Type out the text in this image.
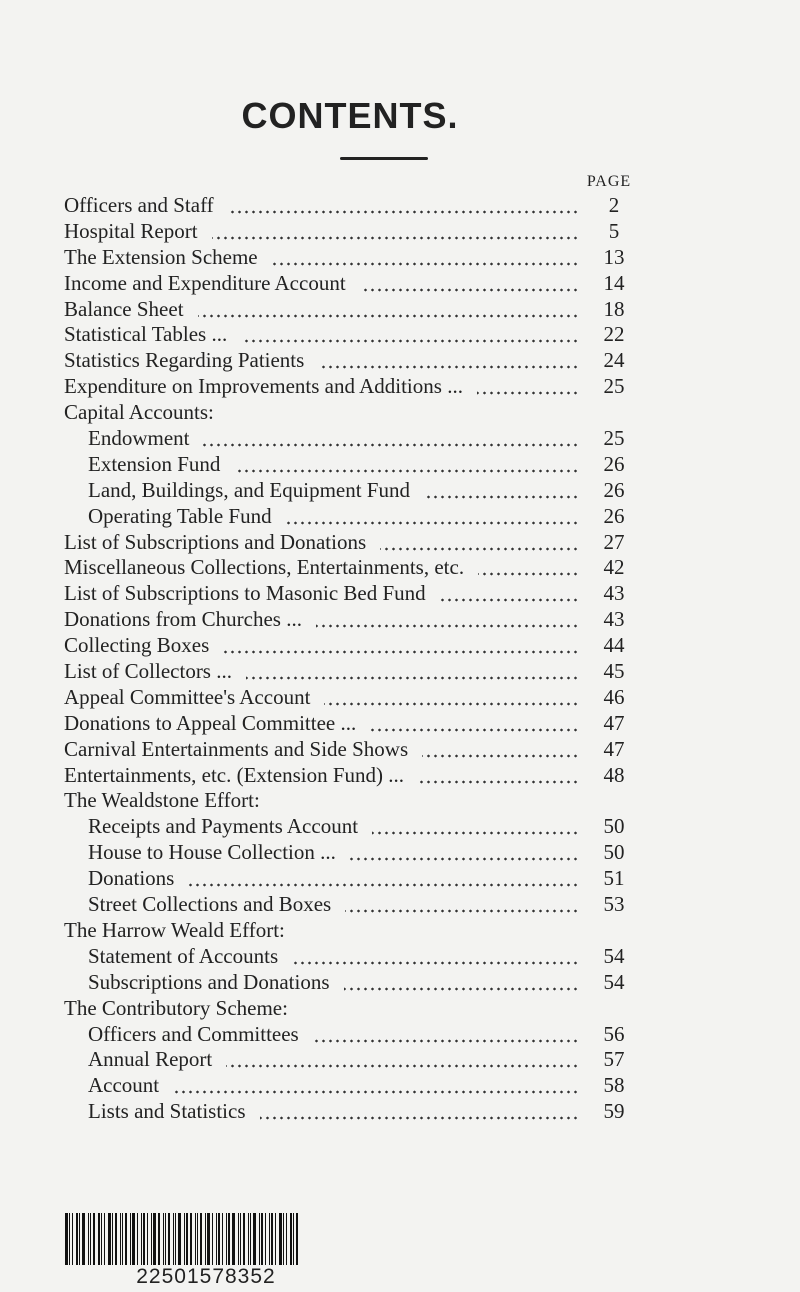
CONTENTS.
PAGE
Officers and Staff	2
Hospital Report	5
The Extension Scheme	13
Income and Expenditure Account	14
Balance Sheet	18
Statistical Tables ...	22
Statistics Regarding Patients	24
Expenditure on Improvements and Additions ...	25
Capital Accounts:
Endowment	25
Extension Fund	26
Land, Buildings, and Equipment Fund	26
Operating Table Fund	26
List of Subscriptions and Donations	27
Miscellaneous Collections, Entertainments, etc.	42
List of Subscriptions to Masonic Bed Fund	43
Donations from Churches ...	43
Collecting Boxes	44
List of Collectors ...	45
Appeal Committee's Account	46
Donations to Appeal Committee ...	47
Carnival Entertainments and Side Shows	47
Entertainments, etc. (Extension Fund) ...	48
The Wealdstone Effort:
Receipts and Payments Account	50
House to House Collection ...	50
Donations	51
Street Collections and Boxes	53
The Harrow Weald Effort:
Statement of Accounts	54
Subscriptions and Donations	54
The Contributory Scheme:
Officers and Committees	56
Annual Report	57
Account	58
Lists and Statistics	59
22501578352
